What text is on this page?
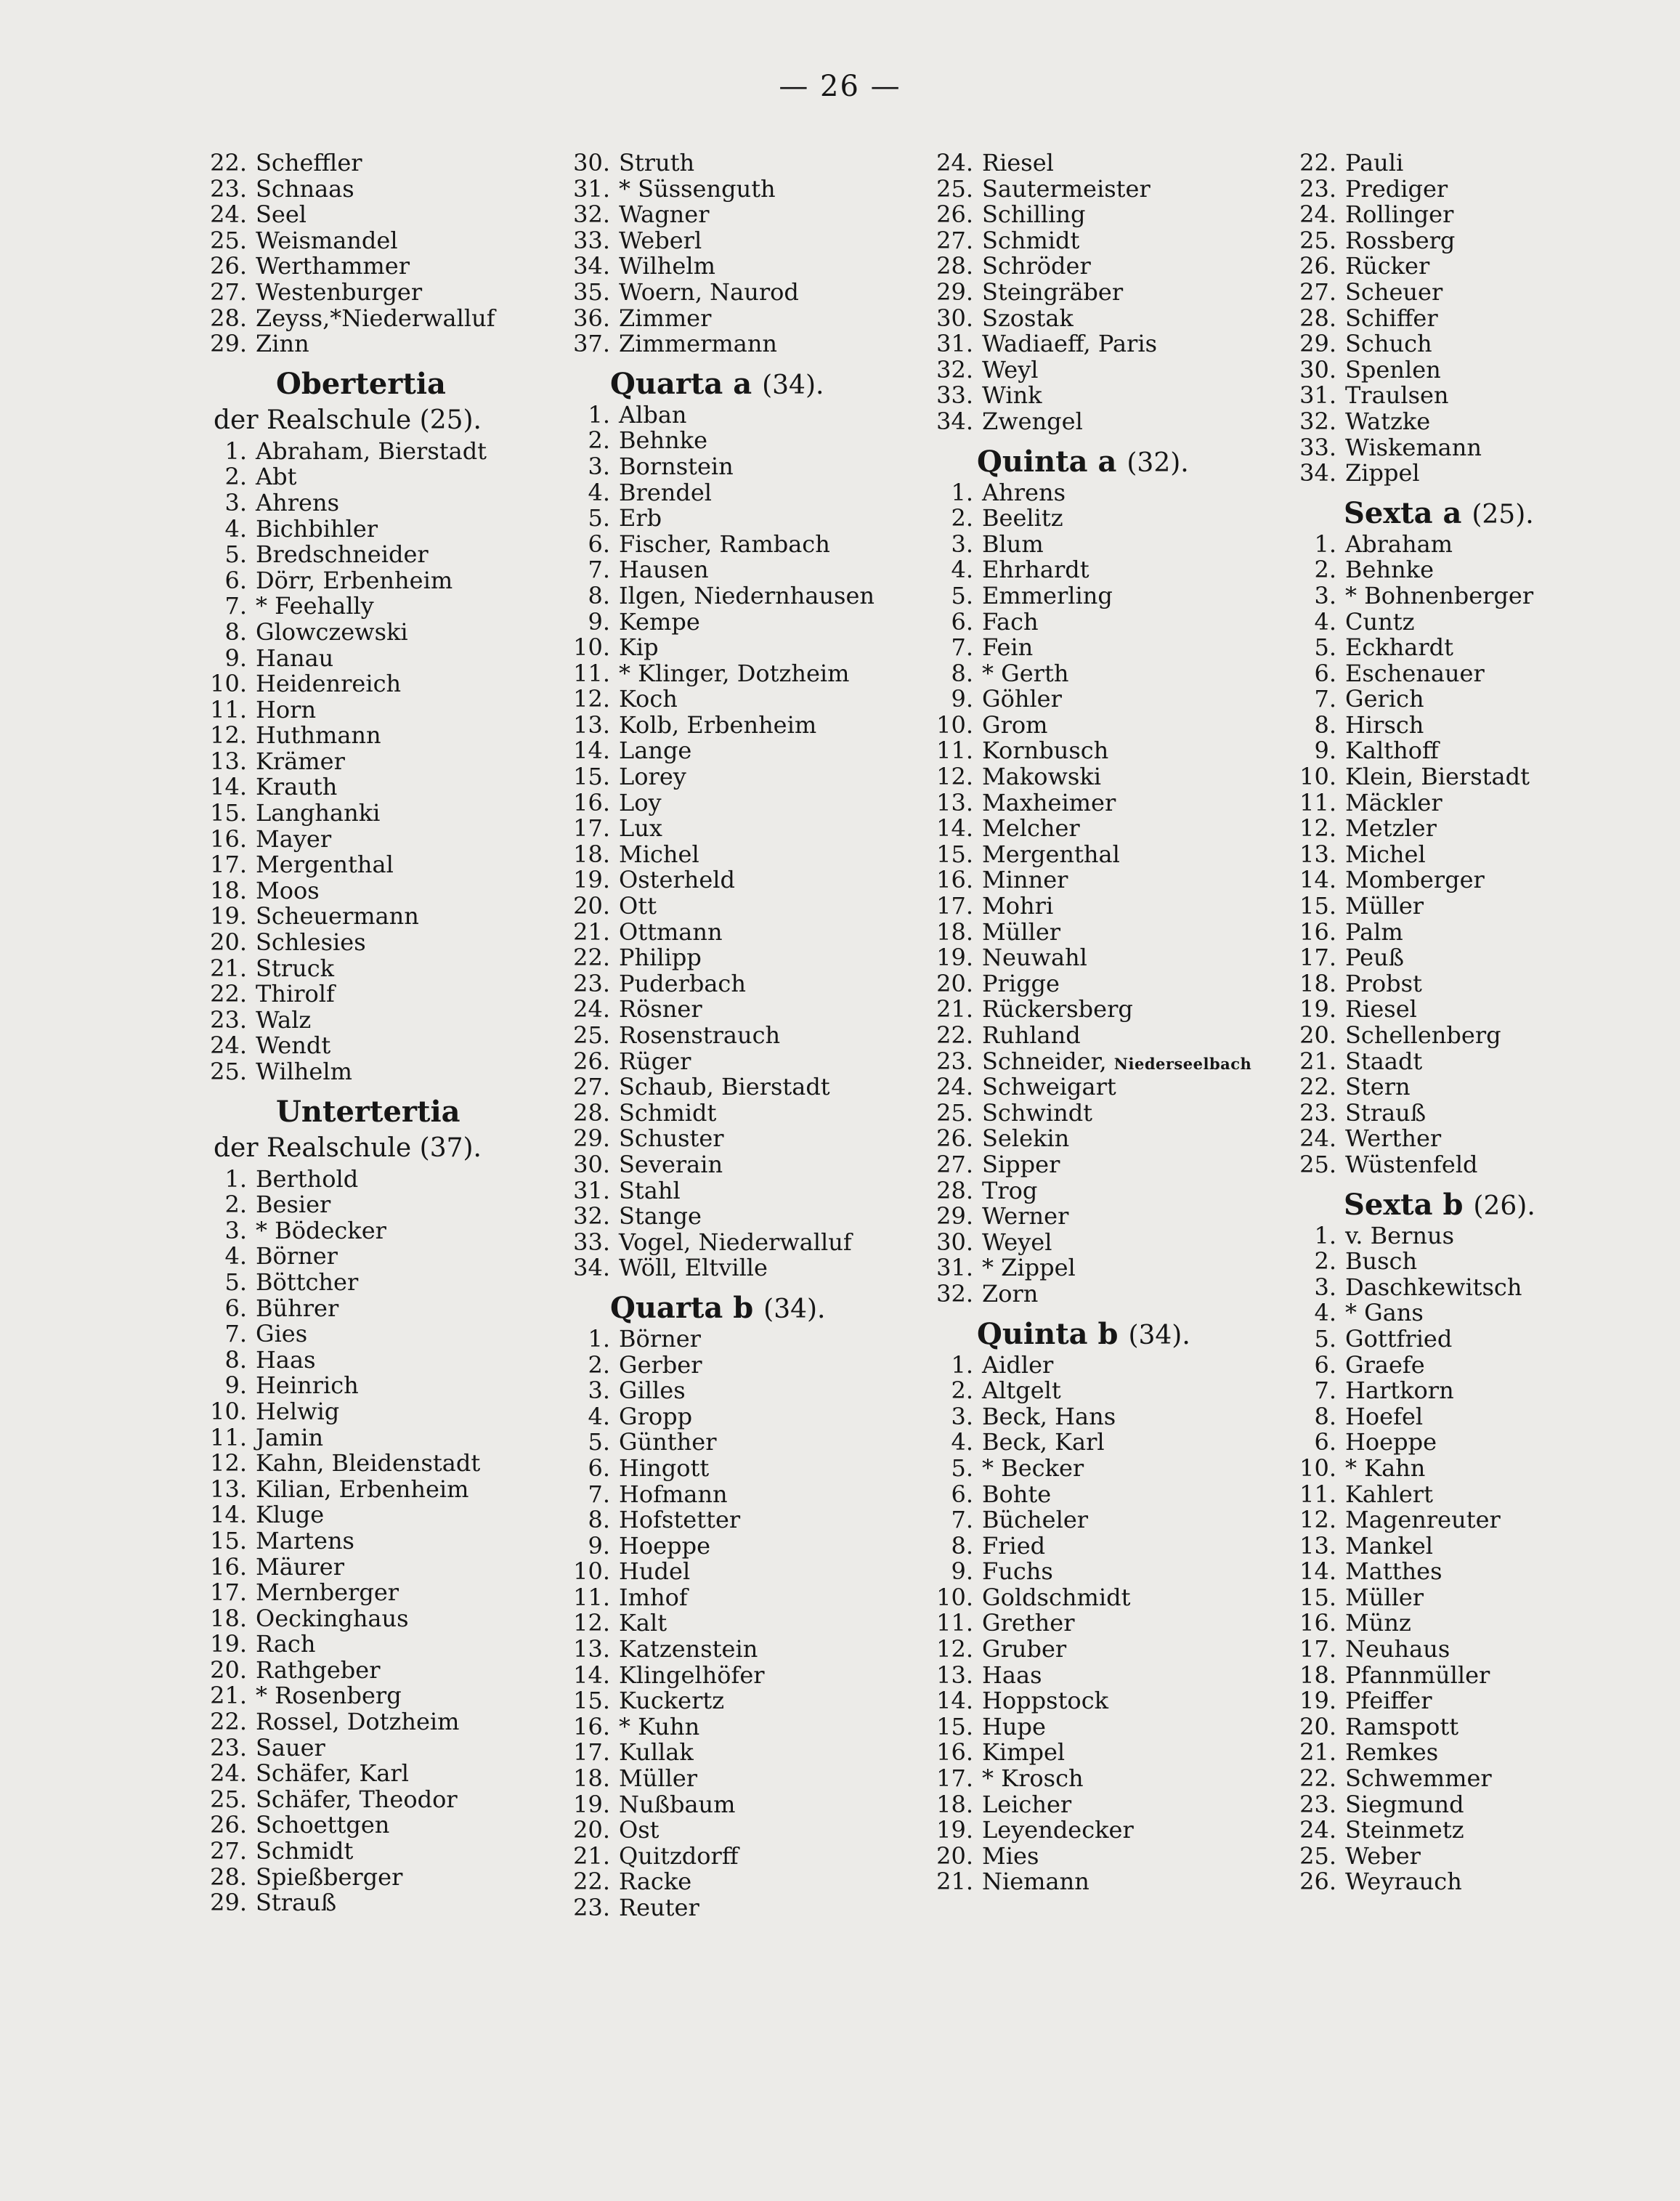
— 26 —
22. Scheffler
23. Schnaas
24. Seel
25. Weismandel
26. Werthammer
27. Westenburger
28. Zeyss,*Niederwalluf
29. Zinn
Obertertia
der Realschule (25).
1. Abraham, Bierstadt
2. Abt
3. Ahrens
4. Bichbihler
5. Bredschneider
6. Dörr, Erbenheim
7. * Feehally
8. Glowczewski
9. Hanau
10. Heidenreich
11. Horn
12. Huthmann
13. Krämer
14. Krauth
15. Langhanki
16. Mayer
17. Mergenthal
18. Moos
19. Scheuermann
20. Schlesies
21. Struck
22. Thirolf
23. Walz
24. Wendt
25. Wilhelm
Untertertia
der Realschule (37).
1. Berthold
2. Besier
3. * Bödecker
4. Börner
5. Böttcher
6. Bührer
7. Gies
8. Haas
9. Heinrich
10. Helwig
11. Jamin
12. Kahn, Bleidenstadt
13. Kilian, Erbenheim
14. Kluge
15. Martens
16. Mäurer
17. Mernberger
18. Oeckinghaus
19. Rach
20. Rathgeber
21. * Rosenberg
22. Rossel, Dotzheim
23. Sauer
24. Schäfer, Karl
25. Schäfer, Theodor
26. Schoettgen
27. Schmidt
28. Spießberger
29. Strauß
30. Struth
31. * Süssenguth
32. Wagner
33. Weberl
34. Wilhelm
35. Woern, Naurod
36. Zimmer
37. Zimmermann
Quarta a (34).
1. Alban
2. Behnke
3. Bornstein
4. Brendel
5. Erb
6. Fischer, Rambach
7. Hausen
8. Ilgen, Niedernhausen
9. Kempe
10. Kip
11. * Klinger, Dotzheim
12. Koch
13. Kolb, Erbenheim
14. Lange
15. Lorey
16. Loy
17. Lux
18. Michel
19. Osterheld
20. Ott
21. Ottmann
22. Philipp
23. Puderbach
24. Rösner
25. Rosenstrauch
26. Rüger
27. Schaub, Bierstadt
28. Schmidt
29. Schuster
30. Severain
31. Stahl
32. Stange
33. Vogel, Niederwalluf
34. Wöll, Eltville
Quarta b (34).
1. Börner
2. Gerber
3. Gilles
4. Gropp
5. Günther
6. Hingott
7. Hofmann
8. Hofstetter
9. Hoeppe
10. Hudel
11. Imhof
12. Kalt
13. Katzenstein
14. Klingelhöfer
15. Kuckertz
16. * Kuhn
17. Kullak
18. Müller
19. Nußbaum
20. Ost
21. Quitzdorff
22. Racke
23. Reuter
24. Riesel
25. Sautermeister
26. Schilling
27. Schmidt
28. Schröder
29. Steingräber
30. Szostak
31. Wadiaeff, Paris
32. Weyl
33. Wink
34. Zwengel
Quinta a (32).
1. Ahrens
2. Beelitz
3. Blum
4. Ehrhardt
5. Emmerling
6. Fach
7. Fein
8. * Gerth
9. Göhler
10. Grom
11. Kornbusch
12. Makowski
13. Maxheimer
14. Melcher
15. Mergenthal
16. Minner
17. Mohri
18. Müller
19. Neuwahl
20. Prigge
21. Rückersberg
22. Ruhland
23. Schneider, Niederseelbach
24. Schweigart
25. Schwindt
26. Selekin
27. Sipper
28. Trog
29. Werner
30. Weyel
31. * Zippel
32. Zorn
Quinta b (34).
1. Aidler
2. Altgelt
3. Beck, Hans
4. Beck, Karl
5. * Becker
6. Bohte
7. Bücheler
8. Fried
9. Fuchs
10. Goldschmidt
11. Grether
12. Gruber
13. Haas
14. Hoppstock
15. Hupe
16. Kimpel
17. * Krosch
18. Leicher
19. Leyendecker
20. Mies
21. Niemann
22. Pauli
23. Prediger
24. Rollinger
25. Rossberg
26. Rücker
27. Scheuer
28. Schiffer
29. Schuch
30. Spenlen
31. Traulsen
32. Watzke
33. Wiskemann
34. Zippel
Sexta a (25).
1. Abraham
2. Behnke
3. * Bohnenberger
4. Cuntz
5. Eckhardt
6. Eschenauer
7. Gerich
8. Hirsch
9. Kalthoff
10. Klein, Bierstadt
11. Mäckler
12. Metzler
13. Michel
14. Momberger
15. Müller
16. Palm
17. Peuß
18. Probst
19. Riesel
20. Schellenberg
21. Staadt
22. Stern
23. Strauß
24. Werther
25. Wüstenfeld
Sexta b (26).
1. v. Bernus
2. Busch
3. Daschkewitsch
4. * Gans
5. Gottfried
6. Graefe
7. Hartkorn
8. Hoefel
6. Hoeppe
10. * Kahn
11. Kahlert
12. Magenreuter
13. Mankel
14. Matthes
15. Müller
16. Münz
17. Neuhaus
18. Pfannmüller
19. Pfeiffer
20. Ramspott
21. Remkes
22. Schwemmer
23. Siegmund
24. Steinmetz
25. Weber
26. Weyrauch
